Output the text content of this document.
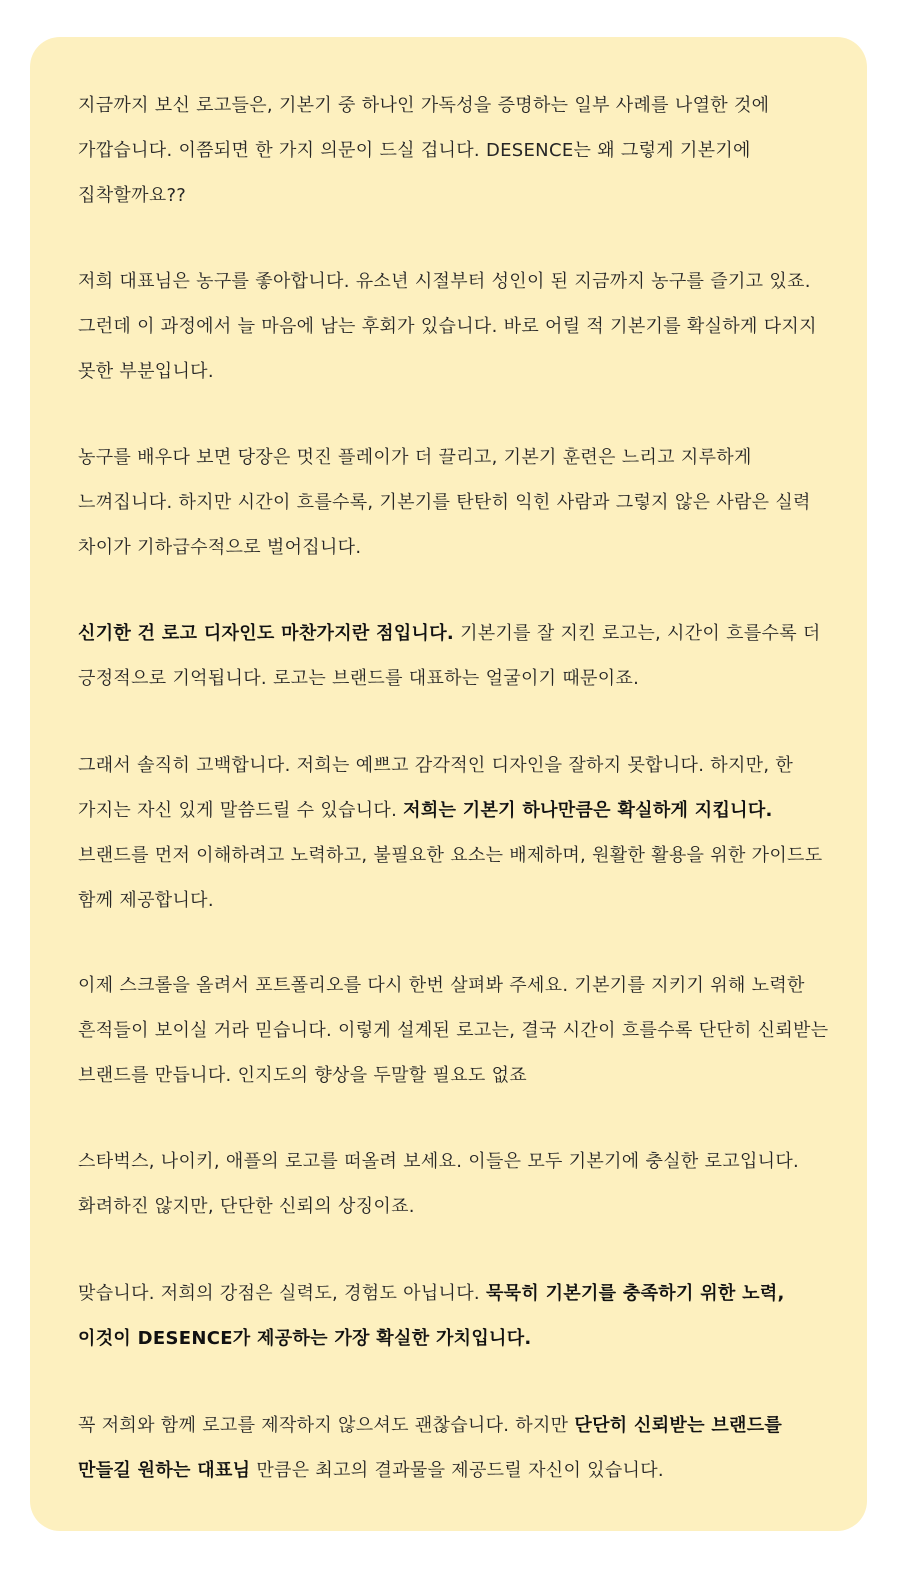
지금까지 보신 로고들은, 기본기 중 하나인 가독성을 증명하는 일부 사례를 나열한 것에 가깝습니다. 이쯤되면 한 가지 의문이 드실 겁니다. DESENCE는 왜 그렇게 기본기에 집착할까요??

저희 대표님은 농구를 좋아합니다. 유소년 시절부터 성인이 된 지금까지 농구를 즐기고 있죠. 그런데 이 과정에서 늘 마음에 남는 후회가 있습니다. 바로 어릴 적 기본기를 확실하게 다지지 못한 부분입니다.

농구를 배우다 보면 당장은 멋진 플레이가 더 끌리고, 기본기 훈련은 느리고 지루하게 느껴집니다. 하지만 시간이 흐를수록, 기본기를 탄탄히 익힌 사람과 그렇지 않은 사람은 실력 차이가 기하급수적으로 벌어집니다.

신기한 건 로고 디자인도 마찬가지란 점입니다. 기본기를 잘 지킨 로고는, 시간이 흐를수록 더 긍정적으로 기억됩니다. 로고는 브랜드를 대표하는 얼굴이기 때문이죠.

그래서 솔직히 고백합니다. 저희는 예쁘고 감각적인 디자인을 잘하지 못합니다. 하지만, 한 가지는 자신 있게 말씀드릴 수 있습니다. 저희는 기본기 하나만큼은 확실하게 지킵니다. 브랜드를 먼저 이해하려고 노력하고, 불필요한 요소는 배제하며, 원활한 활용을 위한 가이드도 함께 제공합니다.

이제 스크롤을 올려서 포트폴리오를 다시 한번 살펴봐 주세요. 기본기를 지키기 위해 노력한 흔적들이 보이실 거라 믿습니다. 이렇게 설계된 로고는, 결국 시간이 흐를수록 단단히 신뢰받는 브랜드를 만듭니다. 인지도의 향상을 두말할 필요도 없죠

스타벅스, 나이키, 애플의 로고를 떠올려 보세요. 이들은 모두 기본기에 충실한 로고입니다. 화려하진 않지만, 단단한 신뢰의 상징이죠.

맞습니다. 저희의 강점은 실력도, 경험도 아닙니다. 묵묵히 기본기를 충족하기 위한 노력, 이것이 DESENCE가 제공하는 가장 확실한 가치입니다.

꼭 저희와 함께 로고를 제작하지 않으셔도 괜찮습니다. 하지만 단단히 신뢰받는 브랜드를 만들길 원하는 대표님 만큼은 최고의 결과물을 제공드릴 자신이 있습니다.
